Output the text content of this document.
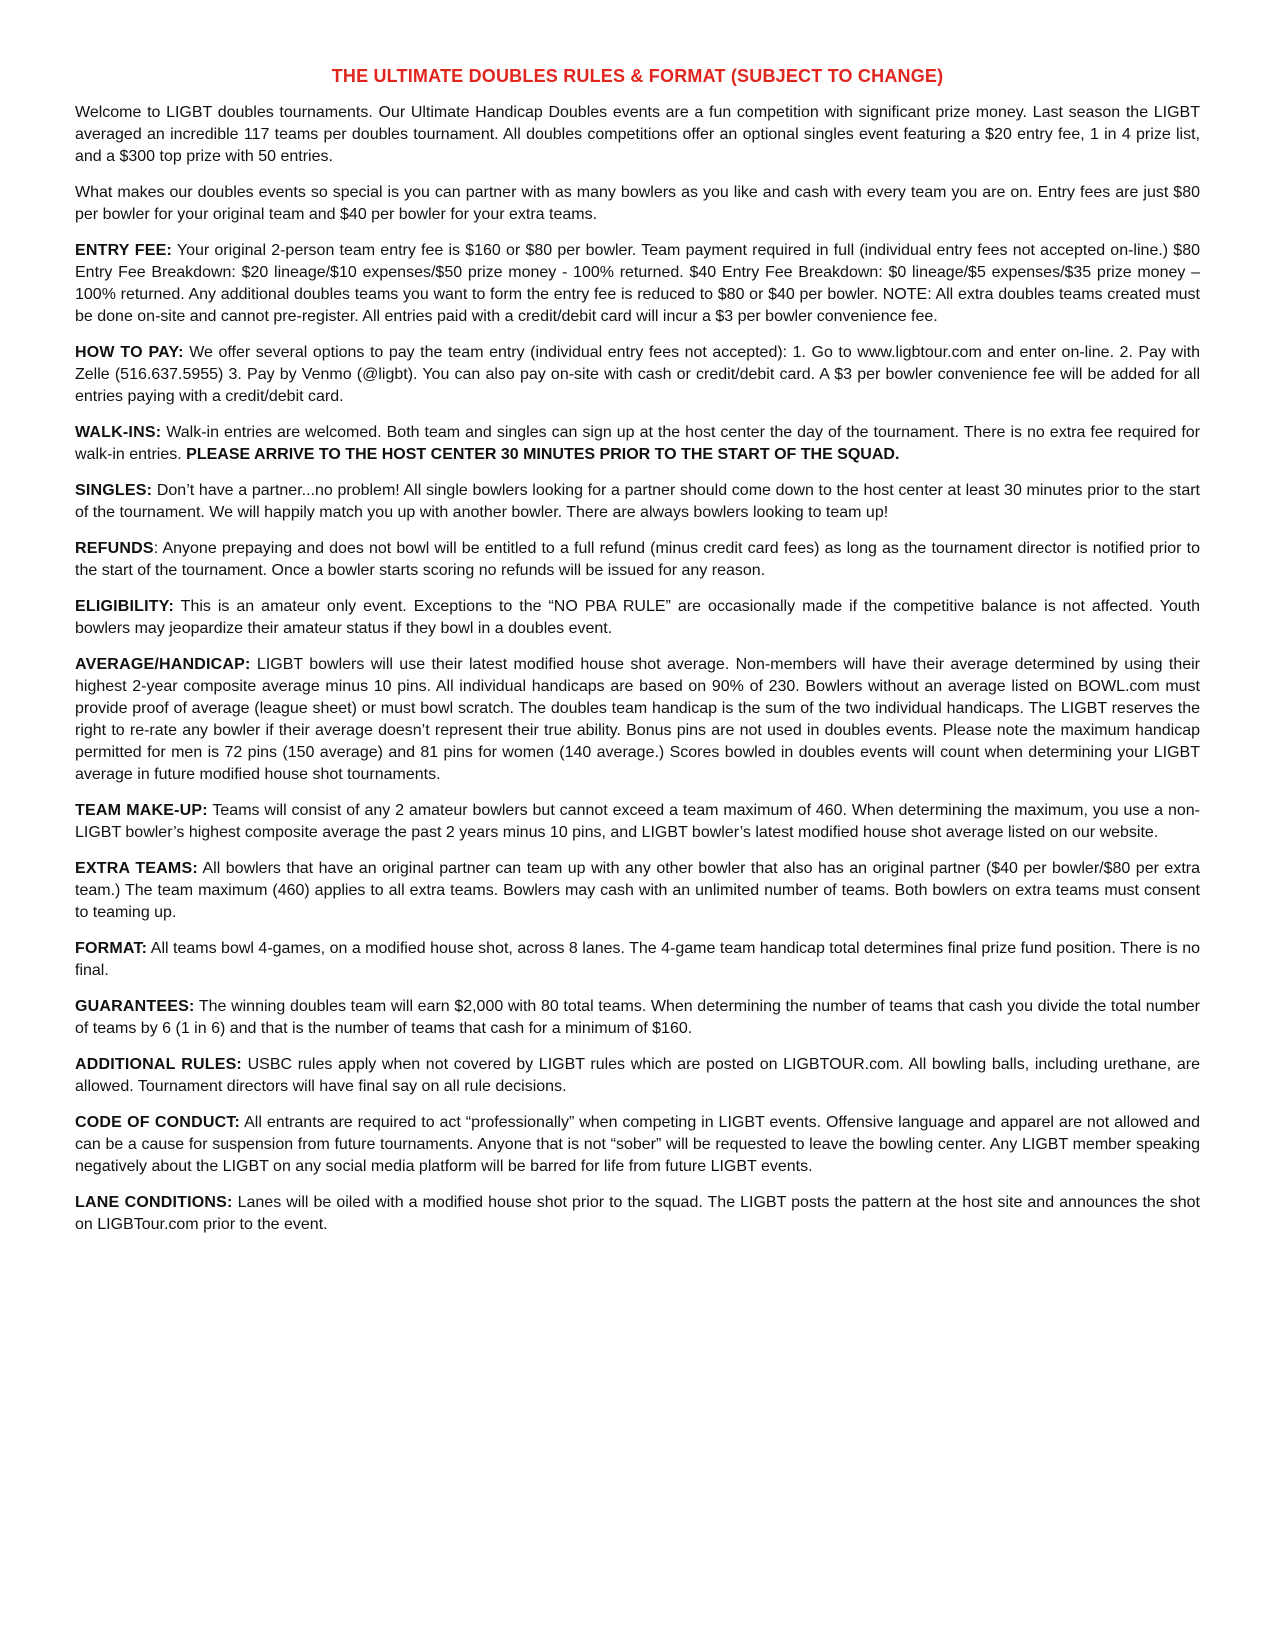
THE ULTIMATE DOUBLES RULES & FORMAT (SUBJECT TO CHANGE)

Welcome to LIGBT doubles tournaments. Our Ultimate Handicap Doubles events are a fun competition with significant prize money. Last season the LIGBT averaged an incredible 117 teams per doubles tournament. All doubles competitions offer an optional singles event featuring a $20 entry fee, 1 in 4 prize list, and a $300 top prize with 50 entries.

What makes our doubles events so special is you can partner with as many bowlers as you like and cash with every team you are on. Entry fees are just $80 per bowler for your original team and $40 per bowler for your extra teams.

ENTRY FEE: Your original 2-person team entry fee is $160 or $80 per bowler. Team payment required in full (individual entry fees not accepted on-line.) $80 Entry Fee Breakdown: $20 lineage/$10 expenses/$50 prize money - 100% returned. $40 Entry Fee Breakdown: $0 lineage/$5 expenses/$35 prize money – 100% returned. Any additional doubles teams you want to form the entry fee is reduced to $80 or $40 per bowler. NOTE: All extra doubles teams created must be done on-site and cannot pre-register. All entries paid with a credit/debit card will incur a $3 per bowler convenience fee.

HOW TO PAY: We offer several options to pay the team entry (individual entry fees not accepted): 1. Go to www.ligbtour.com and enter on-line. 2. Pay with Zelle (516.637.5955) 3. Pay by Venmo (@ligbt). You can also pay on-site with cash or credit/debit card. A $3 per bowler convenience fee will be added for all entries paying with a credit/debit card.

WALK-INS: Walk-in entries are welcomed. Both team and singles can sign up at the host center the day of the tournament. There is no extra fee required for walk-in entries. PLEASE ARRIVE TO THE HOST CENTER 30 MINUTES PRIOR TO THE START OF THE SQUAD.

SINGLES: Don’t have a partner...no problem! All single bowlers looking for a partner should come down to the host center at least 30 minutes prior to the start of the tournament. We will happily match you up with another bowler. There are always bowlers looking to team up!

REFUNDS: Anyone prepaying and does not bowl will be entitled to a full refund (minus credit card fees) as long as the tournament director is notified prior to the start of the tournament. Once a bowler starts scoring no refunds will be issued for any reason.

ELIGIBILITY: This is an amateur only event. Exceptions to the “NO PBA RULE” are occasionally made if the competitive balance is not affected. Youth bowlers may jeopardize their amateur status if they bowl in a doubles event.

AVERAGE/HANDICAP: LIGBT bowlers will use their latest modified house shot average. Non-members will have their average determined by using their highest 2-year composite average minus 10 pins. All individual handicaps are based on 90% of 230. Bowlers without an average listed on BOWL.com must provide proof of average (league sheet) or must bowl scratch. The doubles team handicap is the sum of the two individual handicaps. The LIGBT reserves the right to re-rate any bowler if their average doesn’t represent their true ability. Bonus pins are not used in doubles events. Please note the maximum handicap permitted for men is 72 pins (150 average) and 81 pins for women (140 average.) Scores bowled in doubles events will count when determining your LIGBT average in future modified house shot tournaments.

TEAM MAKE-UP: Teams will consist of any 2 amateur bowlers but cannot exceed a team maximum of 460. When determining the maximum, you use a non-LIGBT bowler’s highest composite average the past 2 years minus 10 pins, and LIGBT bowler’s latest modified house shot average listed on our website.

EXTRA TEAMS: All bowlers that have an original partner can team up with any other bowler that also has an original partner ($40 per bowler/$80 per extra team.) The team maximum (460) applies to all extra teams. Bowlers may cash with an unlimited number of teams. Both bowlers on extra teams must consent to teaming up.

FORMAT: All teams bowl 4-games, on a modified house shot, across 8 lanes. The 4-game team handicap total determines final prize fund position. There is no final.

GUARANTEES: The winning doubles team will earn $2,000 with 80 total teams. When determining the number of teams that cash you divide the total number of teams by 6 (1 in 6) and that is the number of teams that cash for a minimum of $160.

ADDITIONAL RULES: USBC rules apply when not covered by LIGBT rules which are posted on LIGBTOUR.com. All bowling balls, including urethane, are allowed. Tournament directors will have final say on all rule decisions.

CODE OF CONDUCT: All entrants are required to act “professionally” when competing in LIGBT events. Offensive language and apparel are not allowed and can be a cause for suspension from future tournaments. Anyone that is not “sober” will be requested to leave the bowling center. Any LIGBT member speaking negatively about the LIGBT on any social media platform will be barred for life from future LIGBT events.

LANE CONDITIONS: Lanes will be oiled with a modified house shot prior to the squad. The LIGBT posts the pattern at the host site and announces the shot on LIGBTour.com prior to the event.
